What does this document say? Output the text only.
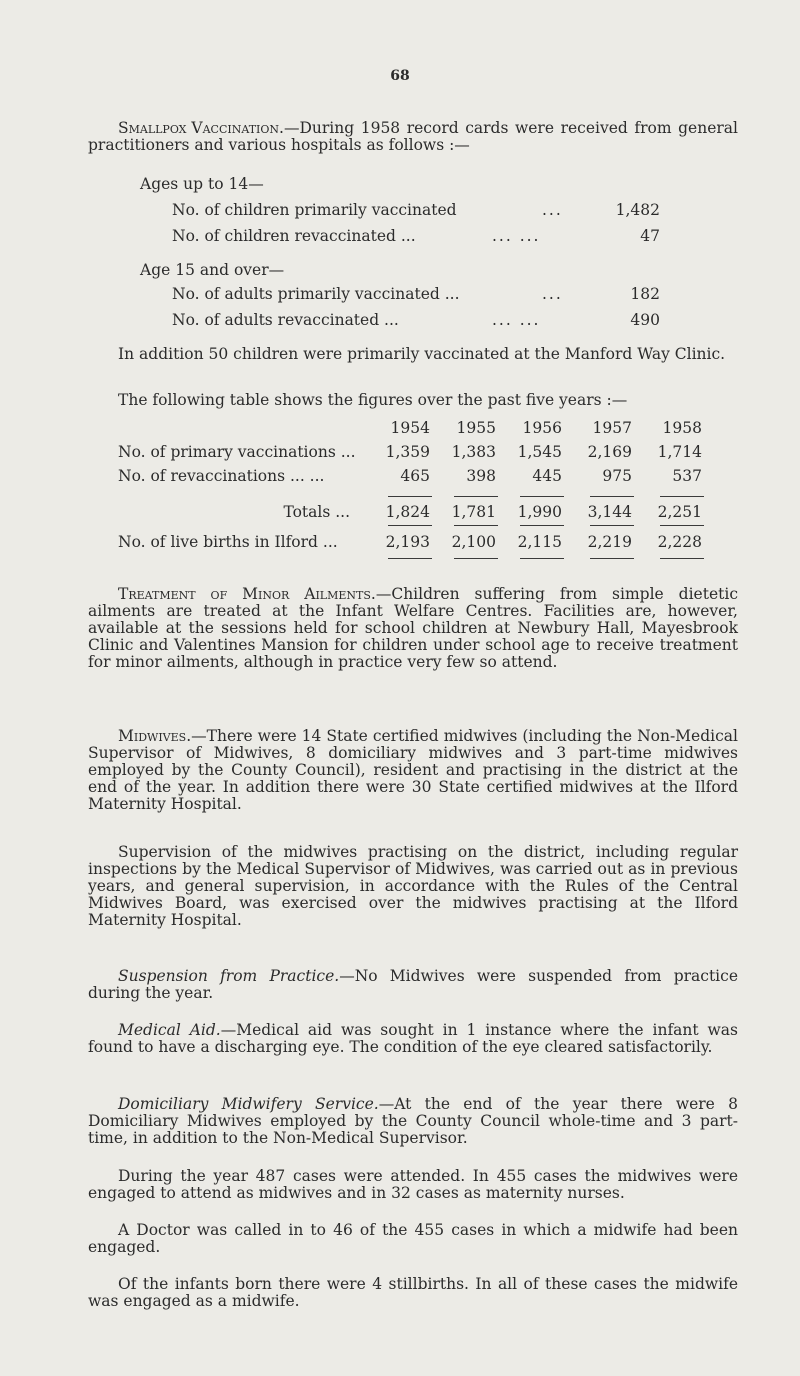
68
Smallpox Vaccination.—During 1958 record cards were received from general practitioners and various hospitals as follows :—
Ages up to 14—
No. of children primarily vaccinated	...	1,482
No. of children revaccinated ...	... ...	47
Age 15 and over—
No. of adults primarily vaccinated ...	...	182
No. of adults revaccinated ...	... ...	490
In addition 50 children were primarily vaccinated at the Manford Way Clinic.
The following table shows the figures over the past five years :—
1954	1955	1956	1957	1958
No. of primary vaccinations ...	1,359	1,383	1,545	2,169	1,714
No. of revaccinations ... ...	465	398	445	975	537
Totals ...	1,824	1,781	1,990	3,144	2,251
No. of live births in Ilford ...	2,193	2,100	2,115	2,219	2,228
Treatment of Minor Ailments.—Children suffering from simple dietetic ailments are treated at the Infant Welfare Centres. Facilities are, however, available at the sessions held for school children at Newbury Hall, Mayesbrook Clinic and Valentines Mansion for children under school age to receive treatment for minor ailments, although in practice very few so attend.
Midwives.—There were 14 State certified midwives (including the Non-Medical Supervisor of Midwives, 8 domiciliary midwives and 3 part-time midwives employed by the County Council), resident and practising in the district at the end of the year. In addition there were 30 State certified midwives at the Ilford Maternity Hospital.
Supervision of the midwives practising on the district, including regular inspections by the Medical Supervisor of Midwives, was carried out as in previous years, and general supervision, in accordance with the Rules of the Central Midwives Board, was exercised over the midwives practising at the Ilford Maternity Hospital.
Suspension from Practice.—No Midwives were suspended from practice during the year.
Medical Aid.—Medical aid was sought in 1 instance where the infant was found to have a discharging eye. The condition of the eye cleared satisfactorily.
Domiciliary Midwifery Service.—At the end of the year there were 8 Domiciliary Midwives employed by the County Council whole-time and 3 part-time, in addition to the Non-Medical Supervisor.
During the year 487 cases were attended. In 455 cases the midwives were engaged to attend as midwives and in 32 cases as maternity nurses.
A Doctor was called in to 46 of the 455 cases in which a midwife had been engaged.
Of the infants born there were 4 stillbirths. In all of these cases the midwife was engaged as a midwife.
